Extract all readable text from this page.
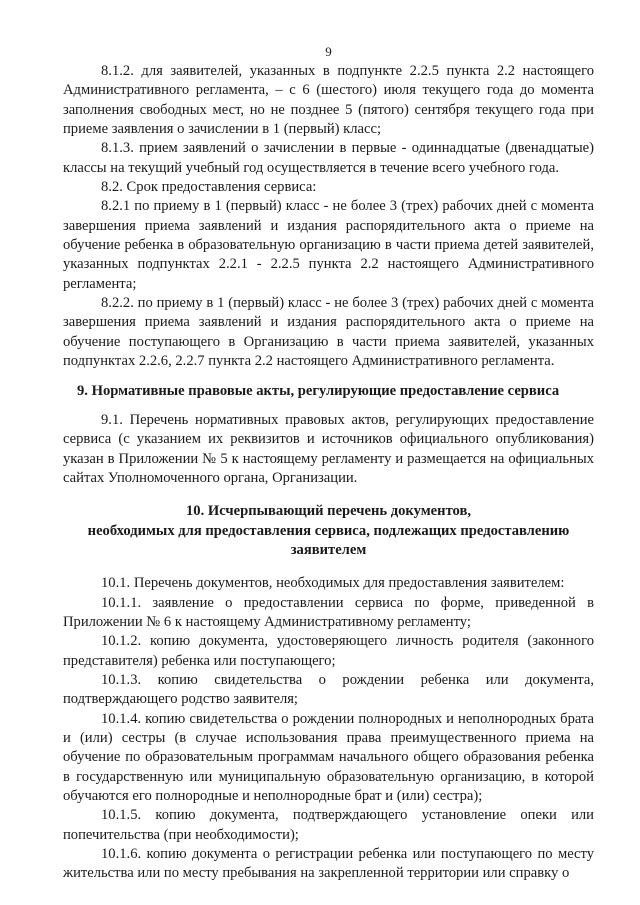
9

8.1.2. для заявителей, указанных в подпункте 2.2.5 пункта 2.2 настоящего Административного регламента, – с 6 (шестого) июля текущего года до момента заполнения свободных мест, но не позднее 5 (пятого) сентября текущего года при приеме заявления о зачислении в 1 (первый) класс;

8.1.3. прием заявлений о зачислении в первые - одиннадцатые (двенадцатые) классы на текущий учебный год осуществляется в течение всего учебного года.

8.2. Срок предоставления сервиса:

8.2.1 по приему в 1 (первый) класс - не более 3 (трех) рабочих дней с момента завершения приема заявлений и издания распорядительного акта о приеме на обучение ребенка в образовательную организацию в части приема детей заявителей, указанных подпунктах 2.2.1 - 2.2.5 пункта 2.2 настоящего Административного регламента;

8.2.2. по приему в 1 (первый) класс - не более 3 (трех) рабочих дней с момента завершения приема заявлений и издания распорядительного акта о приеме на обучение поступающего в Организацию в части приема заявителей, указанных подпунктах 2.2.6, 2.2.7 пункта 2.2 настоящего Административного регламента.

9. Нормативные правовые акты, регулирующие предоставление сервиса

9.1. Перечень нормативных правовых актов, регулирующих предоставление сервиса (с указанием их реквизитов и источников официального опубликования) указан в Приложении № 5 к настоящему регламенту и размещается на официальных сайтах Уполномоченного органа, Организации.

10. Исчерпывающий перечень документов,
необходимых для предоставления сервиса, подлежащих предоставлению
заявителем

10.1. Перечень документов, необходимых для предоставления заявителем:

10.1.1. заявление о предоставлении сервиса по форме, приведенной в Приложении № 6 к настоящему Административному регламенту;

10.1.2. копию документа, удостоверяющего личность родителя (законного представителя) ребенка или поступающего;

10.1.3. копию свидетельства о рождении ребенка или документа, подтверждающего родство заявителя;

10.1.4. копию свидетельства о рождении полнородных и неполнородных брата и (или) сестры (в случае использования права преимущественного приема на обучение по образовательным программам начального общего образования ребенка в государственную или муниципальную образовательную организацию, в которой обучаются его полнородные и неполнородные брат и (или) сестра);

10.1.5. копию документа, подтверждающего установление опеки или попечительства (при необходимости);

10.1.6. копию документа о регистрации ребенка или поступающего по месту жительства или по месту пребывания на закрепленной территории или справку о
